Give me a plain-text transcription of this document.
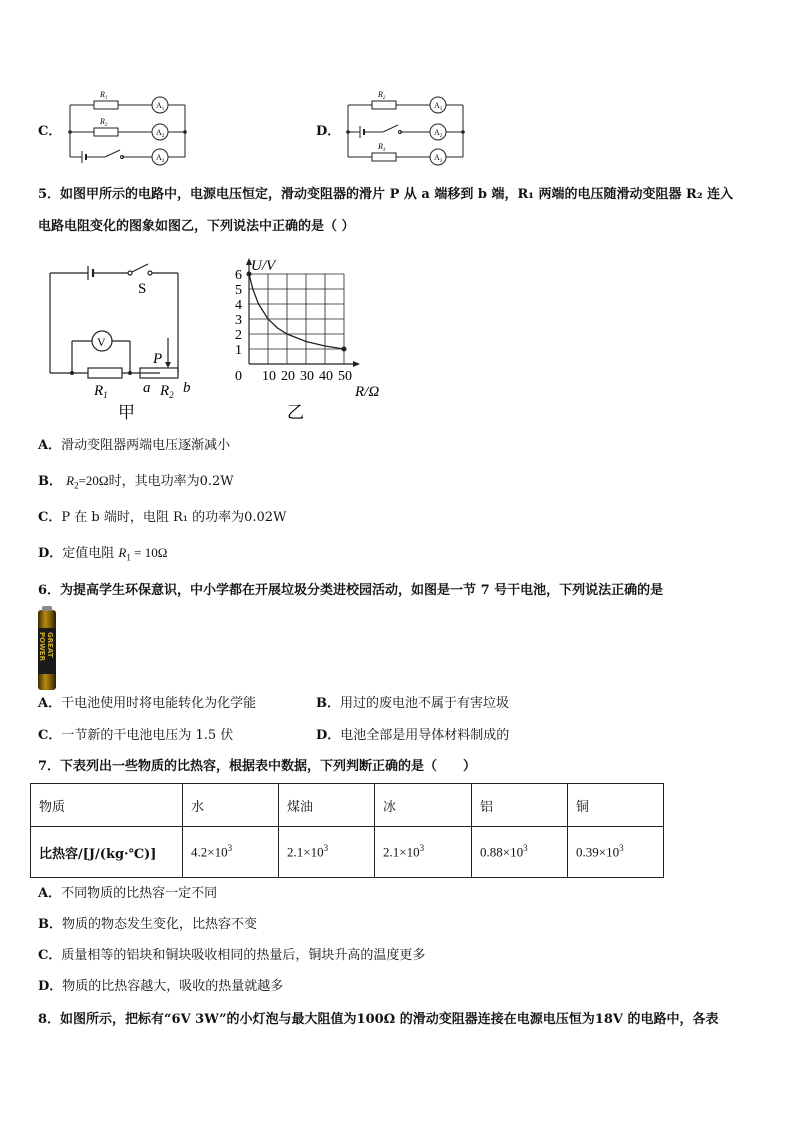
C．
$R_1$
$R_2$
$A_1$
$A_2$
$A_3$
D．
$R_2$
$R_3$
$A_1$
$A_2$
$A_3$
5．如图甲所示的电路中，电源电压恒定，滑动变阻器的滑片 P 从 a 端移到 b 端，R₁ 两端的电压随滑动变阻器 R₂ 连入
电路电阻变化的图象如图乙，下列说法中正确的是（ ）
S
V
P
$R_1$ a $R_2$ b
甲
0 10 20 30 40 50
1
2
3
4
5
6
U/V
R/Ω
乙
A．滑动变阻器两端电压逐渐减小
B． $R_2=20\Omega$时，其电功率为0.2W
C．P 在 b 端时，电阻 R₁ 的功率为0.02W
D．定值电阻 $R_1 = 10\Omega$
6．为提高学生环保意识，中小学都在开展垃圾分类进校园活动，如图是一节 7 号干电池，下列说法正确的是
GREAT POWER
A．干电池使用时将电能转化为化学能	B．用过的废电池不属于有害垃圾
C．一节新的干电池电压为 1.5 伏	D．电池全部是用导体材料制成的
7．下表列出一些物质的比热容，根据表中数据，下列判断正确的是（　　）
物质	水	煤油	冰	铝	铜
比热容/[J/(kg·℃)]	$4.2\times 10^3$	$2.1\times 10^3$	$2.1\times 10^3$	$0.88\times 10^3$	$0.39\times 10^3$
A．不同物质的比热容一定不同
B．物质的物态发生变化，比热容不变
C．质量相等的铝块和铜块吸收相同的热量后，铜块升高的温度更多
D．物质的比热容越大，吸收的热量就越多
8．如图所示，把标有“6V 3W”的小灯泡与最大阻值为100Ω 的滑动变阻器连接在电源电压恒为18V 的电路中，各表
